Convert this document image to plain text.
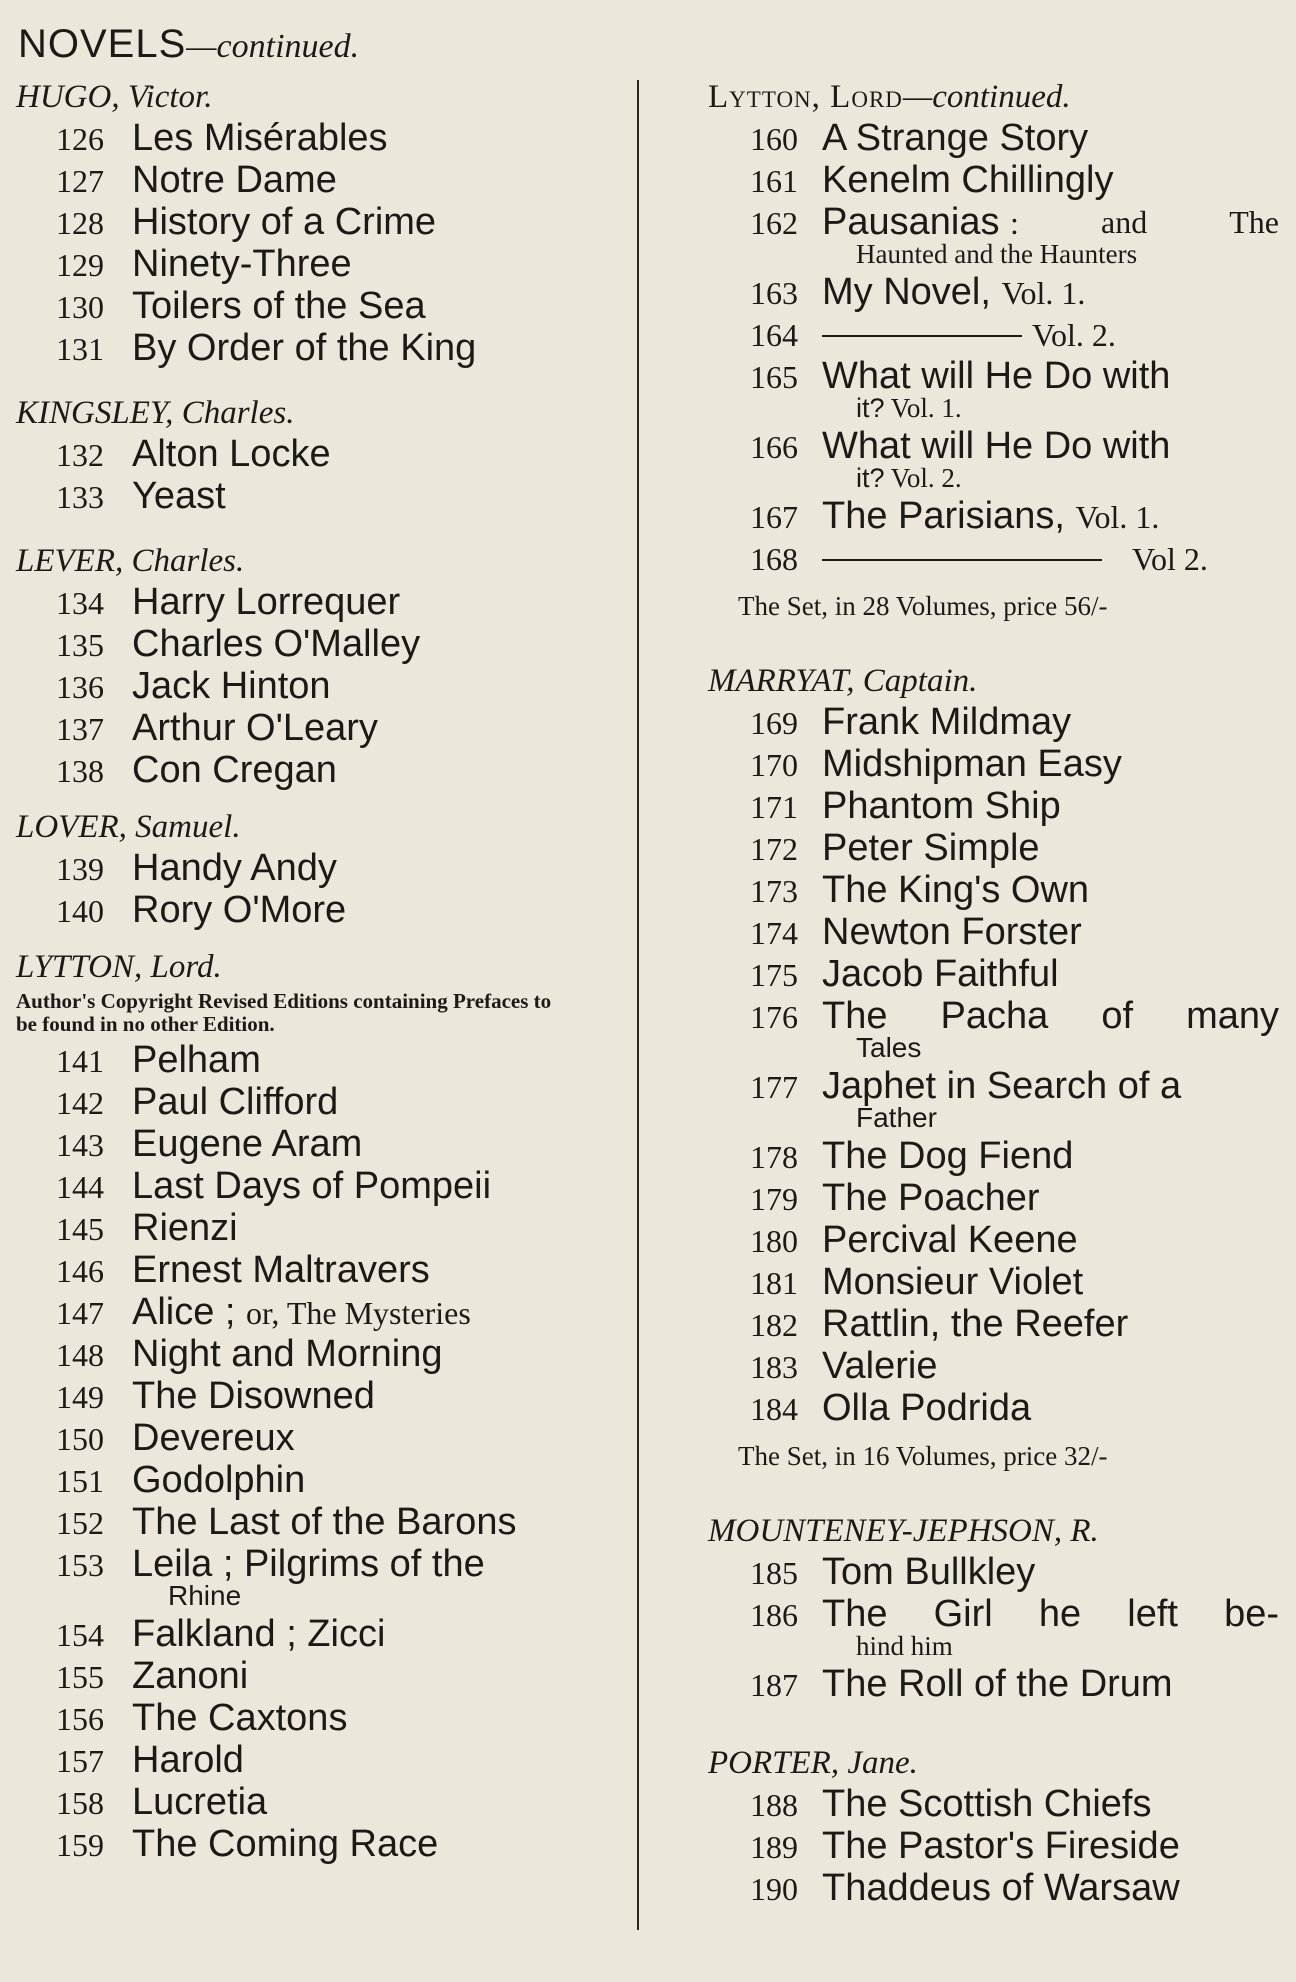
NOVELS—continued.
HUGO, Victor.
126 Les Misérables
127 Notre Dame
128 History of a Crime
129 Ninety-Three
130 Toilers of the Sea
131 By Order of the King
KINGSLEY, Charles.
132 Alton Locke
133 Yeast
LEVER, Charles.
134 Harry Lorrequer
135 Charles O'Malley
136 Jack Hinton
137 Arthur O'Leary
138 Con Cregan
LOVER, Samuel.
139 Handy Andy
140 Rory O'More
LYTTON, Lord.
Author's Copyright Revised Editions containing Prefaces to be found in no other Edition.
141 Pelham
142 Paul Clifford
143 Eugene Aram
144 Last Days of Pompeii
145 Rienzi
146 Ernest Maltravers
147 Alice ; or, The Mysteries
148 Night and Morning
149 The Disowned
150 Devereux
151 Godolphin
152 The Last of the Barons
153 Leila ; Pilgrims of the
Rhine
154 Falkland ; Zicci
155 Zanoni
156 The Caxtons
157 Harold
158 Lucretia
159 The Coming Race
Lytton, Lord—continued.
160 A Strange Story
161 Kenelm Chillingly
162 Pausanias :	and	The
Haunted and the Haunters
163 My Novel, Vol. 1.
164	Vol. 2.
165 What will He Do with
it? Vol. 1.
166 What will He Do with
it? Vol. 2.
167 The Parisians, Vol. 1.
168	Vol 2.
The Set, in 28 Volumes, price 56/-
MARRYAT, Captain.
169 Frank Mildmay
170 Midshipman Easy
171 Phantom Ship
172 Peter Simple
173 The King's Own
174 Newton Forster
175 Jacob Faithful
176 The Pacha of many
Tales
177 Japhet in Search of a
Father
178 The Dog Fiend
179 The Poacher
180 Percival Keene
181 Monsieur Violet
182 Rattlin, the Reefer
183 Valerie
184 Olla Podrida
The Set, in 16 Volumes, price 32/-
MOUNTENEY-JEPHSON, R.
185 Tom Bullkley
186 The Girl he left be-
hind him
187 The Roll of the Drum
PORTER, Jane.
188 The Scottish Chiefs
189 The Pastor's Fireside
190 Thaddeus of Warsaw
